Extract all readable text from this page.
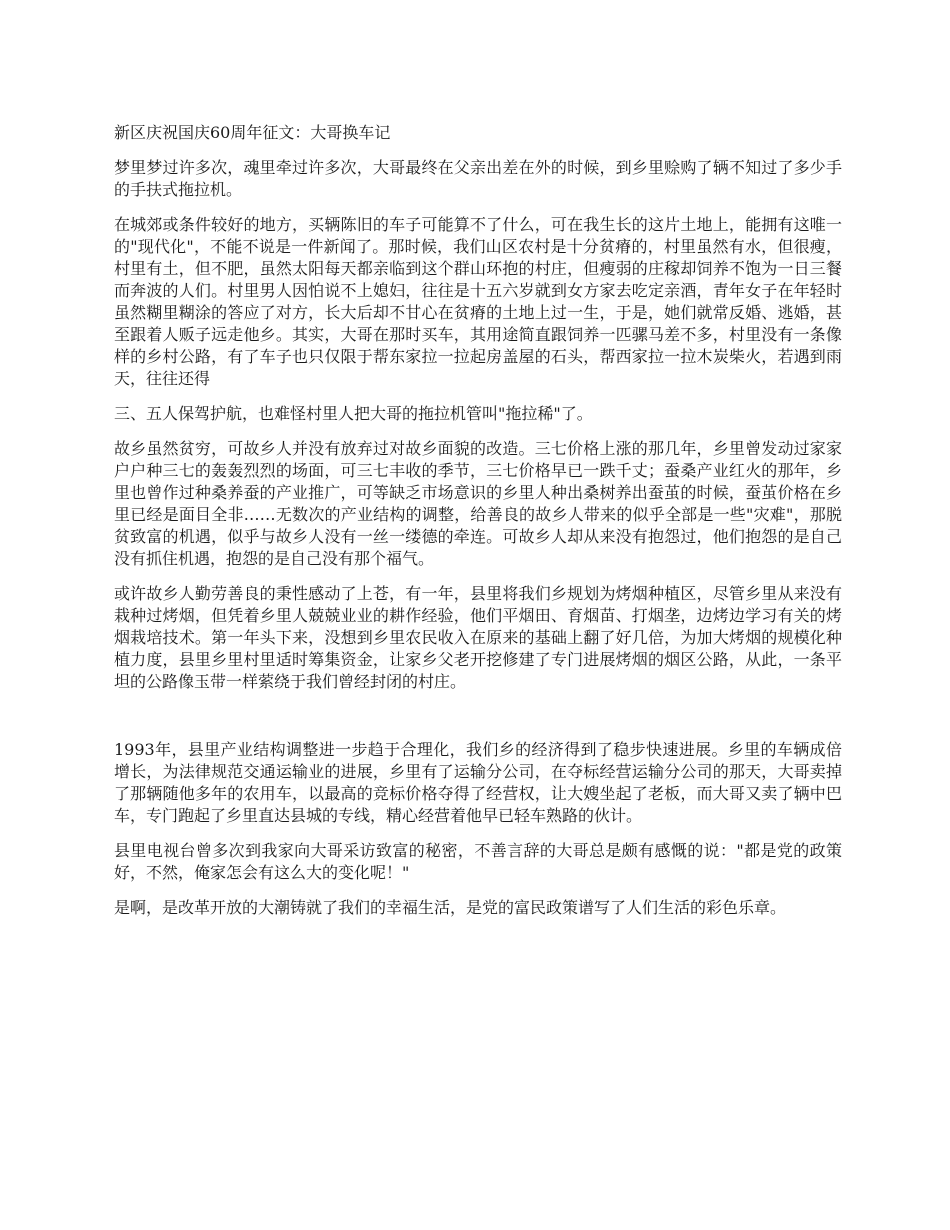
新区庆祝国庆60周年征文：大哥换车记

梦里梦过许多次，魂里牵过许多次，大哥最终在父亲出差在外的时候，到乡里赊购了辆不知过了多少手的手扶式拖拉机。

在城郊或条件较好的地方，买辆陈旧的车子可能算不了什么，可在我生长的这片土地上，能拥有这唯一的"现代化"，不能不说是一件新闻了。那时候，我们山区农村是十分贫瘠的，村里虽然有水，但很瘦，村里有土，但不肥，虽然太阳每天都亲临到这个群山环抱的村庄，但瘦弱的庄稼却饲养不饱为一日三餐而奔波的人们。村里男人因怕说不上媳妇，往往是十五六岁就到女方家去吃定亲酒，青年女子在年轻时虽然糊里糊涂的答应了对方，长大后却不甘心在贫瘠的土地上过一生，于是，她们就常反婚、逃婚，甚至跟着人贩子远走他乡。其实，大哥在那时买车，其用途简直跟饲养一匹骡马差不多，村里没有一条像样的乡村公路，有了车子也只仅限于帮东家拉一拉起房盖屋的石头，帮西家拉一拉木炭柴火，若遇到雨天，往往还得

三、五人保驾护航，也难怪村里人把大哥的拖拉机管叫"拖拉稀"了。

故乡虽然贫穷，可故乡人并没有放弃过对故乡面貌的改造。三七价格上涨的那几年，乡里曾发动过家家户户种三七的轰轰烈烈的场面，可三七丰收的季节，三七价格早已一跌千丈；蚕桑产业红火的那年，乡里也曾作过种桑养蚕的产业推广，可等缺乏市场意识的乡里人种出桑树养出蚕茧的时候，蚕茧价格在乡里已经是面目全非……无数次的产业结构的调整，给善良的故乡人带来的似乎全部是一些"灾难"，那脱贫致富的机遇，似乎与故乡人没有一丝一缕德的牵连。可故乡人却从来没有抱怨过，他们抱怨的是自己没有抓住机遇，抱怨的是自己没有那个福气。

或许故乡人勤劳善良的秉性感动了上苍，有一年，县里将我们乡规划为烤烟种植区，尽管乡里从来没有栽种过烤烟，但凭着乡里人兢兢业业的耕作经验，他们平烟田、育烟苗、打烟垄，边烤边学习有关的烤烟栽培技术。第一年头下来，没想到乡里农民收入在原来的基础上翻了好几倍，为加大烤烟的规模化种植力度，县里乡里村里适时筹集资金，让家乡父老开挖修建了专门进展烤烟的烟区公路，从此，一条平坦的公路像玉带一样萦绕于我们曾经封闭的村庄。

1993年，县里产业结构调整进一步趋于合理化，我们乡的经济得到了稳步快速进展。乡里的车辆成倍增长，为法律规范交通运输业的进展，乡里有了运输分公司，在夺标经营运输分公司的那天，大哥卖掉了那辆随他多年的农用车，以最高的竞标价格夺得了经营权，让大嫂坐起了老板，而大哥又卖了辆中巴车，专门跑起了乡里直达县城的专线，精心经营着他早已轻车熟路的伙计。

县里电视台曾多次到我家向大哥采访致富的秘密，不善言辞的大哥总是颇有感慨的说："都是党的政策好，不然，俺家怎会有这么大的变化呢！"

是啊，是改革开放的大潮铸就了我们的幸福生活，是党的富民政策谱写了人们生活的彩色乐章。
